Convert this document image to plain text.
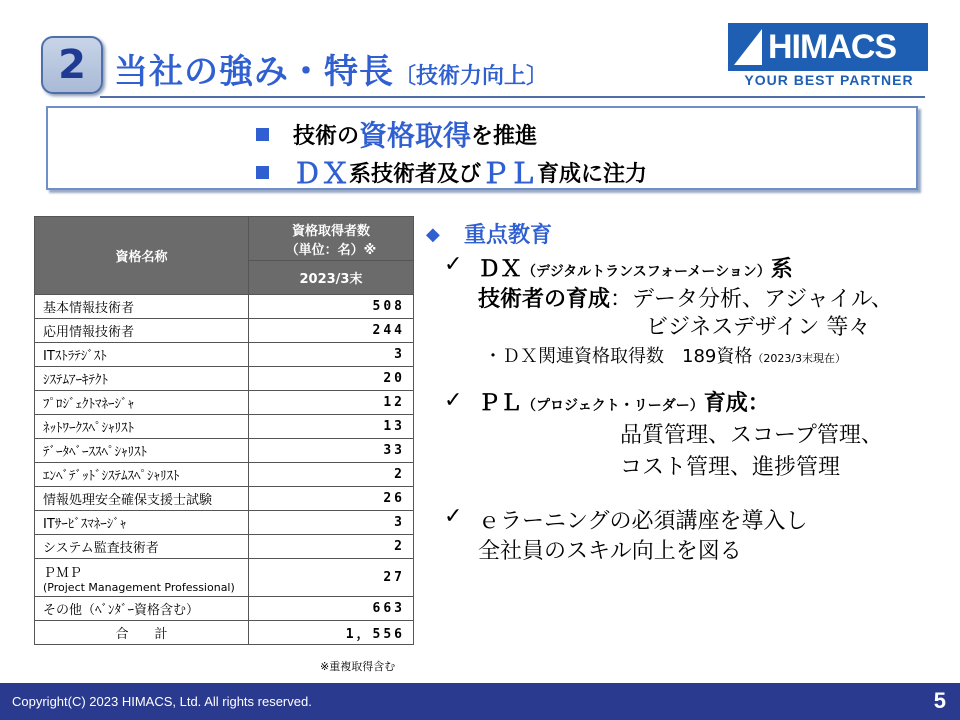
2 当社の強み・特長〔技術力向上〕
HIMACS
YOUR BEST PARTNER
技術の 資格取得 を推進
ＤＸ 系技術者及び ＰＬ 育成に注力
資格名称	資格取得者数
（単位：名）※

	2023/3末
基本情報技術者	508
応用情報技術者	244
ITｽﾄﾗﾃｼﾞｽﾄ	3
ｼｽﾃﾑｱｰｷﾃｸﾄ	20
ﾌﾟﾛｼﾞｪｸﾄﾏﾈｰｼﾞｬ	12
ﾈｯﾄﾜｰｸｽﾍﾟｼｬﾘｽﾄ	13
ﾃﾞｰﾀﾍﾞｰｽｽﾍﾟｼｬﾘｽﾄ	33
ｴﾝﾍﾞﾃﾞｯﾄﾞｼｽﾃﾑｽﾍﾟｼｬﾘｽﾄ	2
情報処理安全確保支援士試験	26
ITｻｰﾋﾞｽﾏﾈｰｼﾞｬ	3
システム監査技術者	2

ＰＭＰ
(Project Management Professional)	27
その他（ﾍﾞﾝﾀﾞｰ資格含む）	663
合　　計	1，556
※重複取得含む
◆ 重点教育
✓ ＤＸ（デジタルトランスフォーメーション）系
技術者の育成：データ分析、アジャイル、
ビジネスデザイン 等々
・ＤＸ関連資格取得数　189資格（2023/3末現在）
✓ ＰＬ（プロジェクト・リーダー）育成：
品質管理、スコープ管理、
コスト管理、進捗管理
✓ ｅラーニングの必須講座を導入し
全社員のスキル向上を図る
Copyright(C) 2023 HIMACS, Ltd. All rights reserved.	5
